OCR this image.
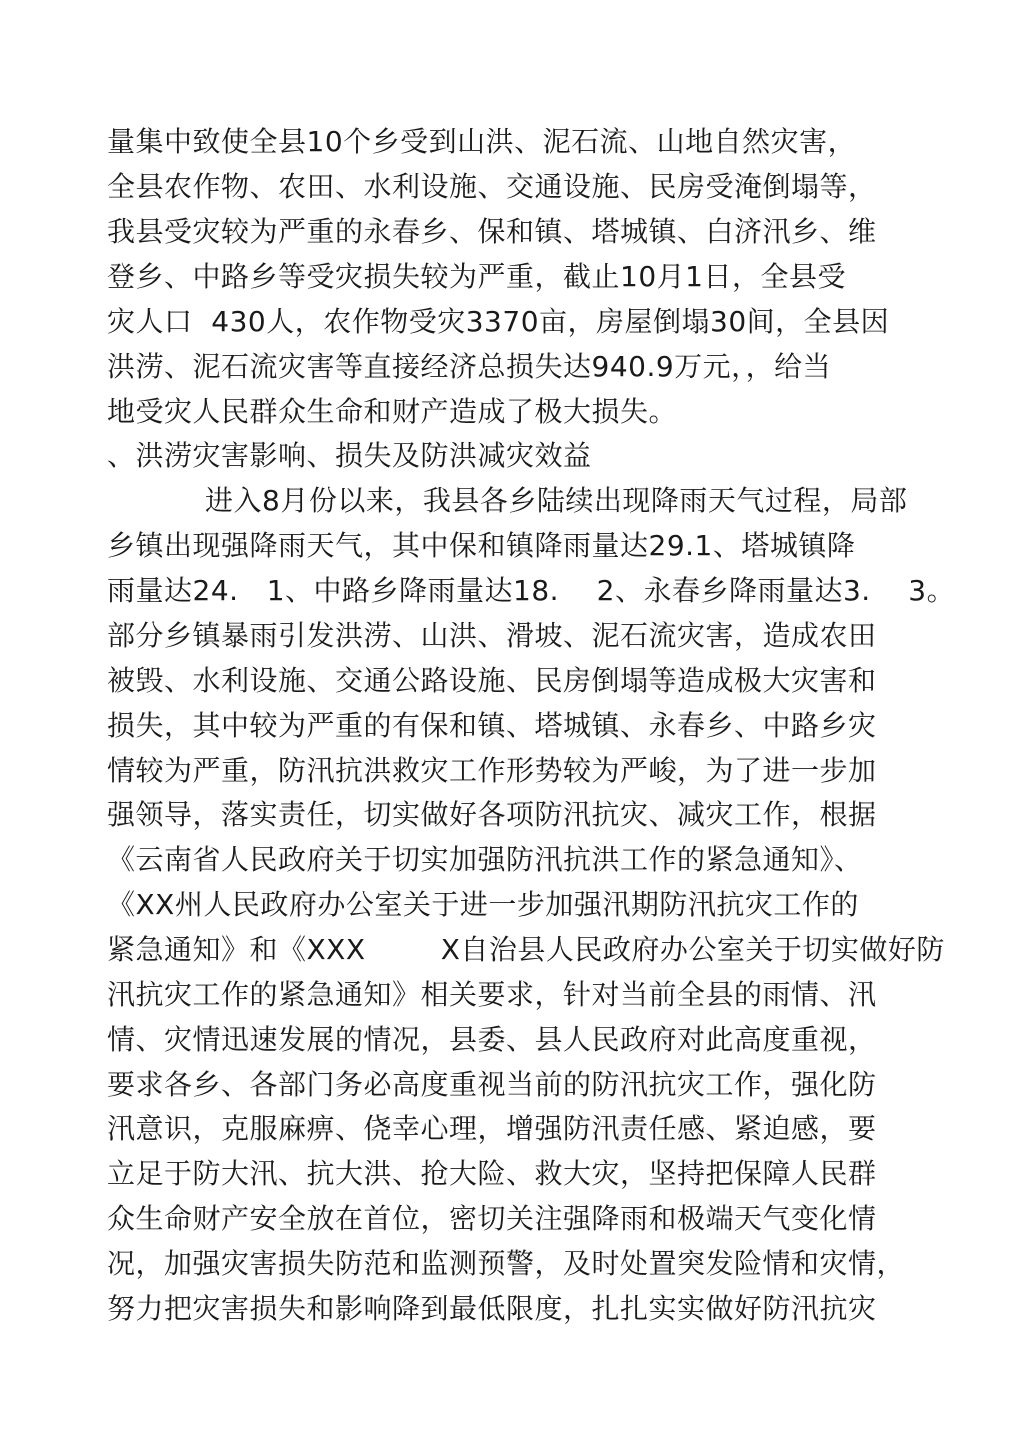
量集中致使全县10个乡受到山洪、泥石流、山地自然灾害，
全县农作物、农田、水利设施、交通设施、民房受淹倒塌等，
我县受灾较为严重的永春乡、保和镇、塔城镇、白济汛乡、维
登乡、中路乡等受灾损失较为严重，截止10月1日，全县受
灾人口  430人，农作物受灾3370亩，房屋倒塌30间，全县因
洪涝、泥石流灾害等直接经济总损失达940.9万元，，给当
地受灾人民群众生命和财产造成了极大损失。
、洪涝灾害影响、损失及防洪减灾效益
进入8月份以来，我县各乡陆续出现降雨天气过程，局部
乡镇出现强降雨天气，其中保和镇降雨量达29.1、塔城镇降
雨量达24.   1、中路乡降雨量达18.    2、永春乡降雨量达3.    3。
部分乡镇暴雨引发洪涝、山洪、滑坡、泥石流灾害，造成农田
被毁、水利设施、交通公路设施、民房倒塌等造成极大灾害和
损失，其中较为严重的有保和镇、塔城镇、永春乡、中路乡灾
情较为严重，防汛抗洪救灾工作形势较为严峻，为了进一步加
强领导，落实责任，切实做好各项防汛抗灾、减灾工作，根据
《云南省人民政府关于切实加强防汛抗洪工作的紧急通知》、
《XX州人民政府办公室关于进一步加强汛期防汛抗灾工作的
紧急通知》和《XXX        X自治县人民政府办公室关于切实做好防
汛抗灾工作的紧急通知》相关要求，针对当前全县的雨情、汛
情、灾情迅速发展的情况，县委、县人民政府对此高度重视，
要求各乡、各部门务必高度重视当前的防汛抗灾工作，强化防
汛意识，克服麻痹、侥幸心理，增强防汛责任感、紧迫感，要
立足于防大汛、抗大洪、抢大险、救大灾，坚持把保障人民群
众生命财产安全放在首位，密切关注强降雨和极端天气变化情
况，加强灾害损失防范和监测预警，及时处置突发险情和灾情，
努力把灾害损失和影响降到最低限度，扎扎实实做好防汛抗灾
